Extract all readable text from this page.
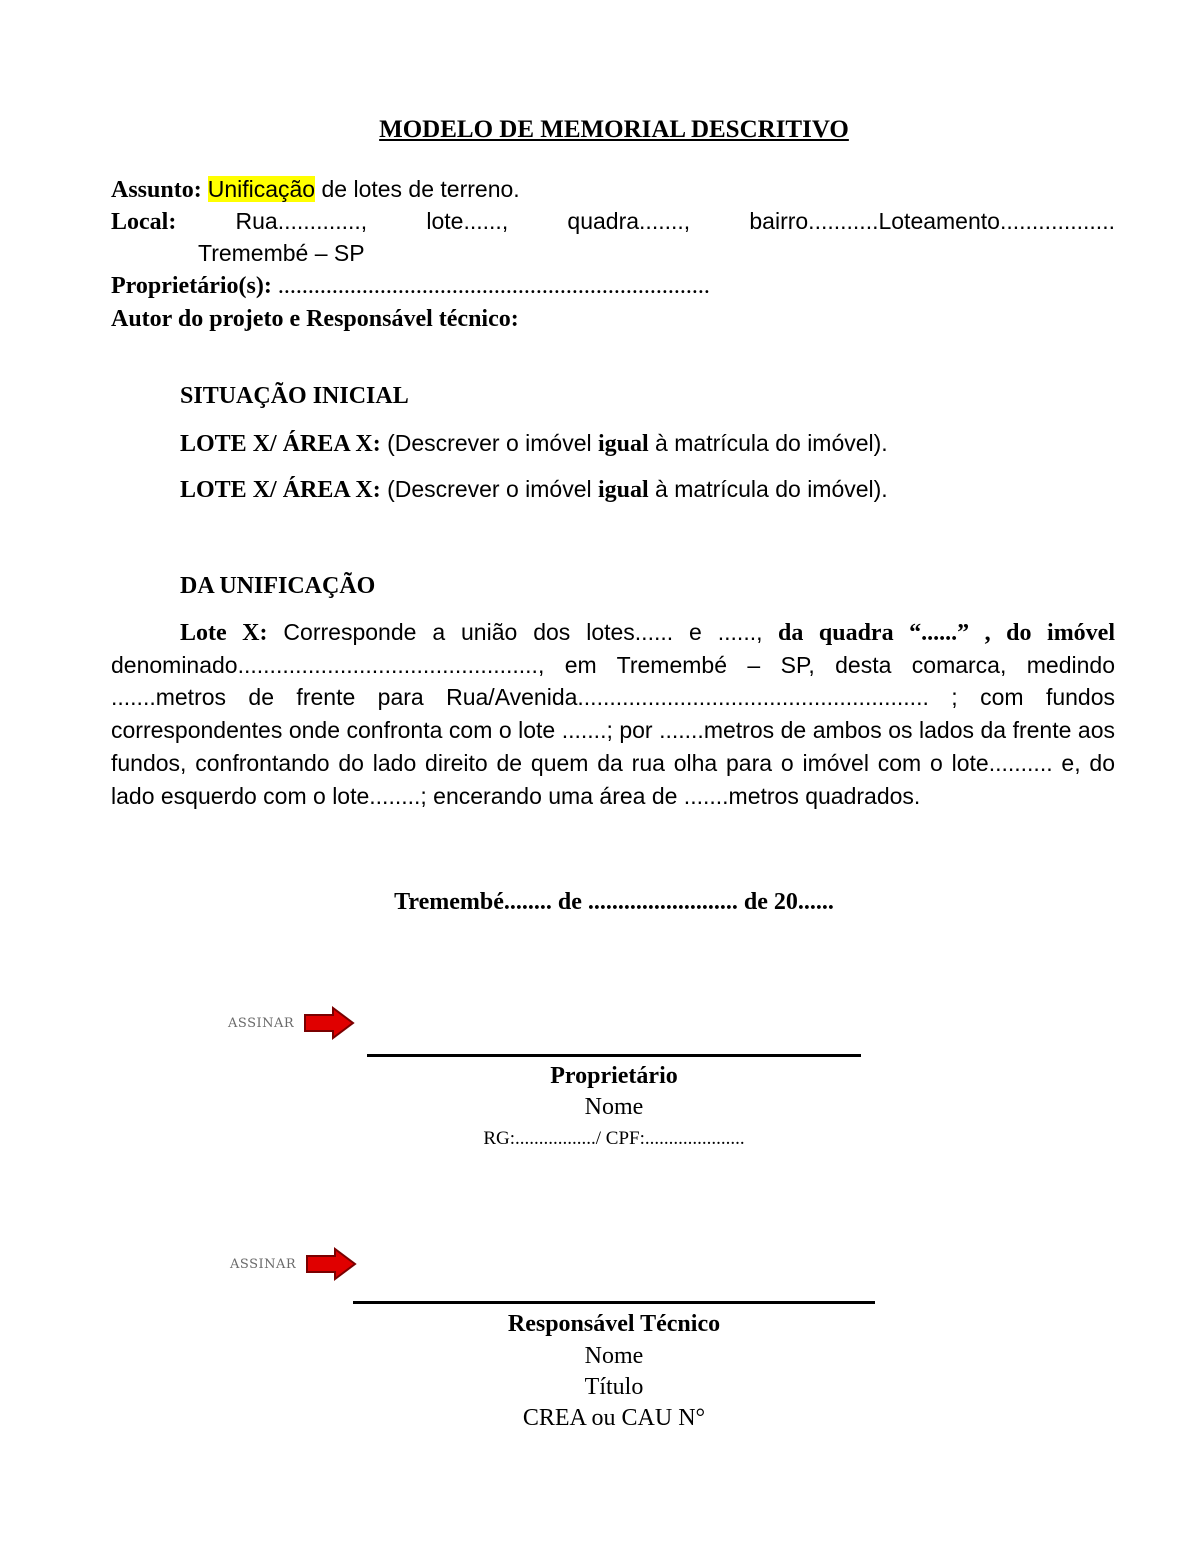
MODELO DE MEMORIAL DESCRITIVO
Assunto: Unificação de lotes de terreno.
Local:	Rua.............,	lote......,	quadra.......,	bairro...........Loteamento..................
Tremembé – SP
Proprietário(s): ........................................................................
Autor do projeto e Responsável técnico:
SITUAÇÃO INICIAL
LOTE X/ ÁREA X: (Descrever o imóvel igual à matrícula do imóvel).
LOTE X/ ÁREA X: (Descrever o imóvel igual à matrícula do imóvel).
DA UNIFICAÇÃO
Lote X: Corresponde a união dos lotes...... e ......, da quadra “......” , do imóvel denominado..............................................., em Tremembé – SP, desta comarca, medindo .......metros de frente para Rua/Avenida....................................................... ; com fundos correspondentes onde confronta com o lote .......; por .......metros de ambos os lados da frente aos fundos, confrontando do lado direito de quem da rua olha para o imóvel com o lote.......... e, do lado esquerdo com o lote........; encerando uma área de .......metros quadrados.
Tremembé........ de ......................... de 20......
ASSINAR
Proprietário
Nome
RG:................./ CPF:.....................
ASSINAR
Responsável Técnico
Nome
Título
CREA ou CAU N°
